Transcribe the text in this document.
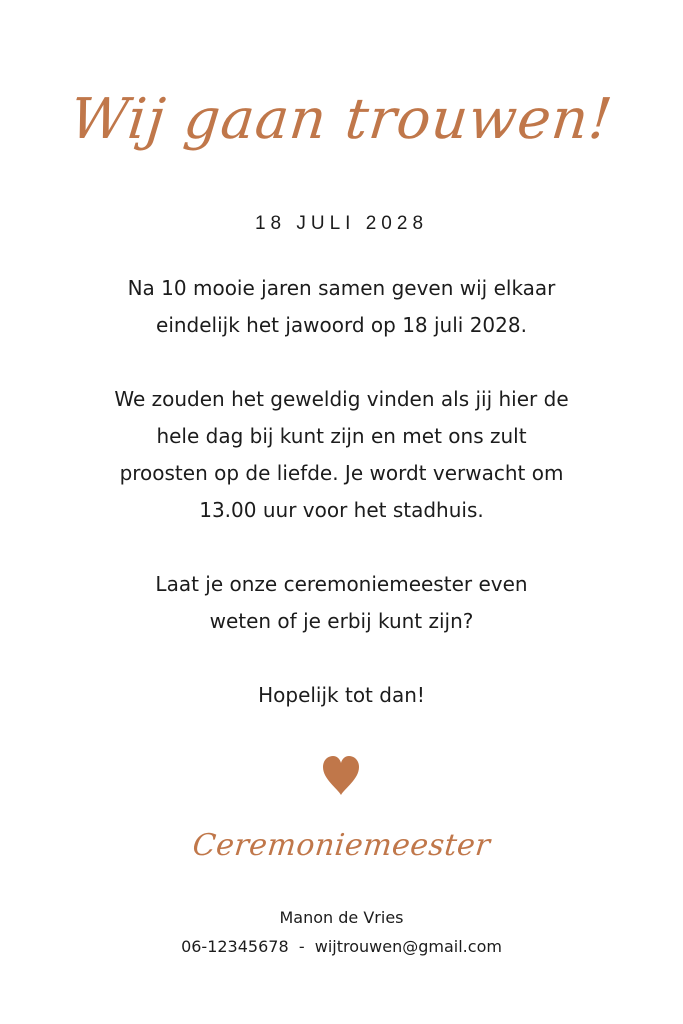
Wij gaan trouwen!
18 JULI 2028

Na 10 mooie jaren samen geven wij elkaar
eindelijk het jawoord op 18 juli 2028.

We zouden het geweldig vinden als jij hier de
hele dag bij kunt zijn en met ons zult
proosten op de liefde. Je wordt verwacht om
13.00 uur voor het stadhuis.

Laat je onze ceremoniemeester even
weten of je erbij kunt zijn?

Hopelijk tot dan!

Ceremoniemeester
Manon de Vries
06-12345678 - wijtrouwen@gmail.com
